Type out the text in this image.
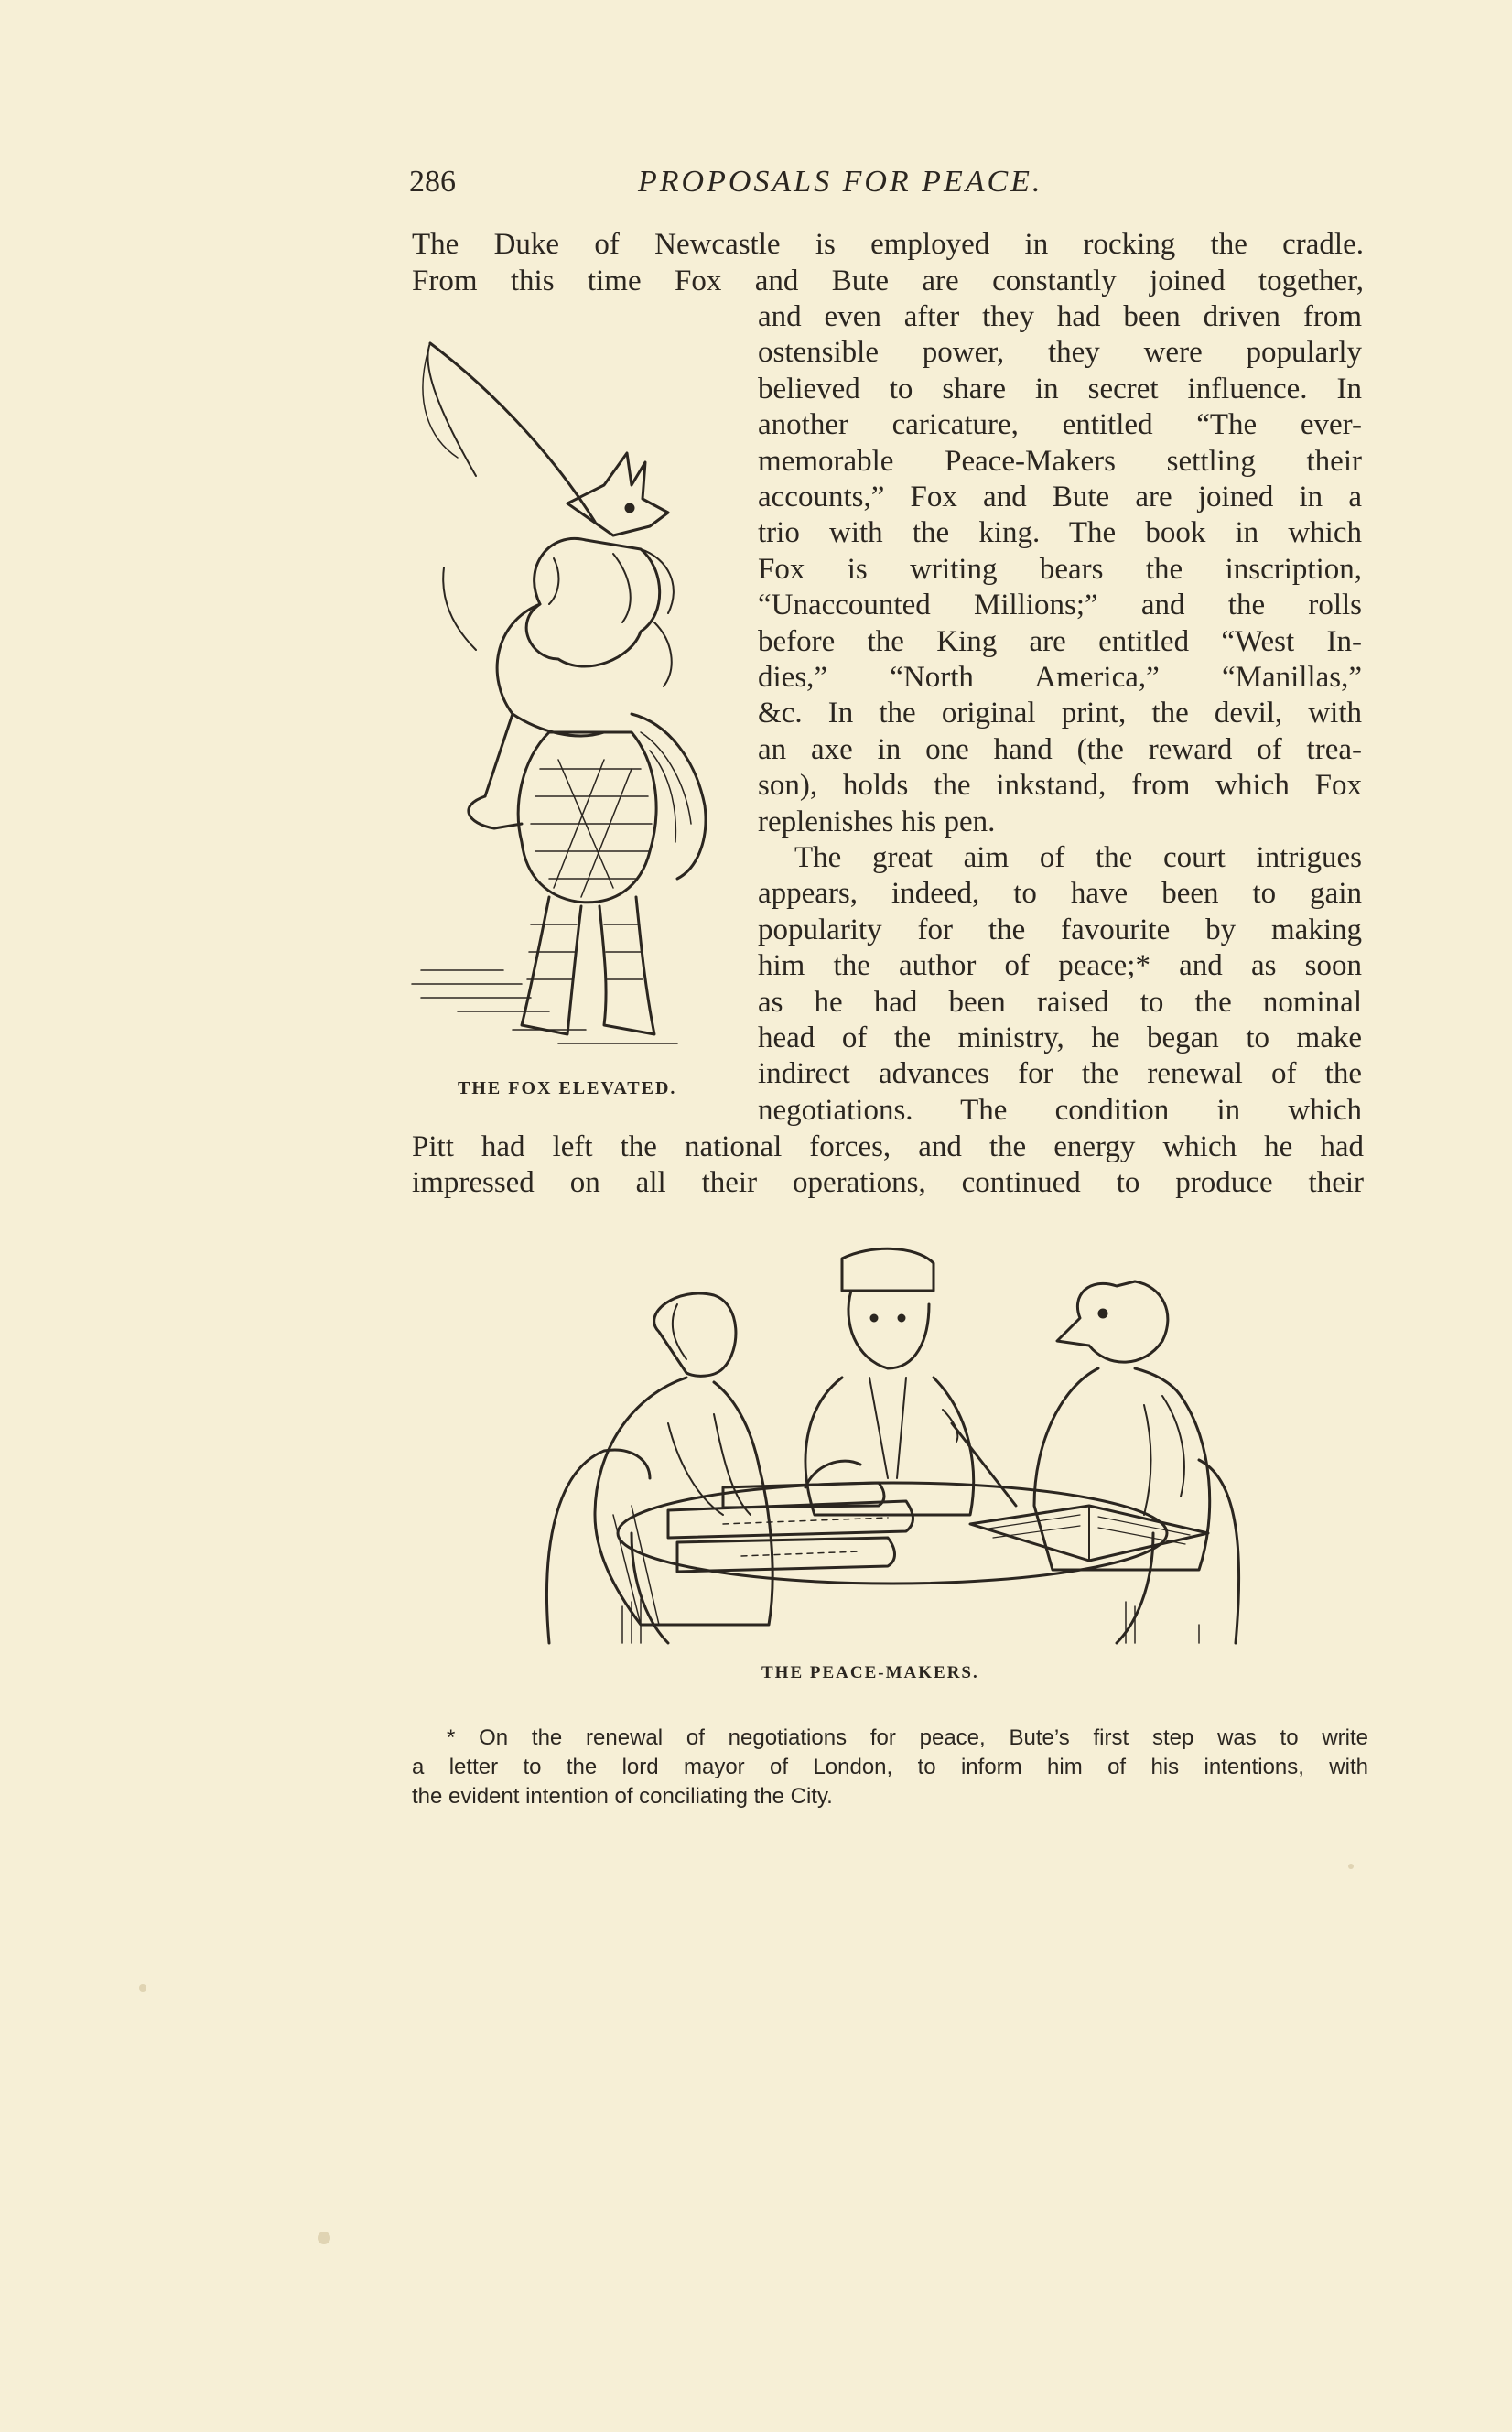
286	PROPOSALS FOR PEACE.
The Duke of Newcastle is employed in rocking the cradle.
From this time Fox and Bute are constantly joined together,
and even after they had been driven from
ostensible power, they were popularly
believed to share in secret influence. In
another caricature, entitled “The ever-
memorable Peace-Makers settling their
accounts,” Fox and Bute are joined in a
trio with the king. The book in which
Fox is writing bears the inscription,
“Unaccounted Millions;” and the rolls
before the King are entitled “West In-
dies,” “North America,” “Manillas,”
&c. In the original print, the devil, with
an axe in one hand (the reward of trea-
son), holds the inkstand, from which Fox
replenishes his pen.
The great aim of the court intrigues
appears, indeed, to have been to gain
popularity for the favourite by making
him the author of peace;* and as soon
as he had been raised to the nominal
head of the ministry, he began to make
indirect advances for the renewal of the
negotiations. The condition in which
Pitt had left the national forces, and the energy which he had
impressed on all their operations, continued to produce their
THE FOX ELEVATED.
THE PEACE-MAKERS.
* On the renewal of negotiations for peace, Bute’s first step was to write
a letter to the lord mayor of London, to inform him of his intentions, with
the evident intention of conciliating the City.
